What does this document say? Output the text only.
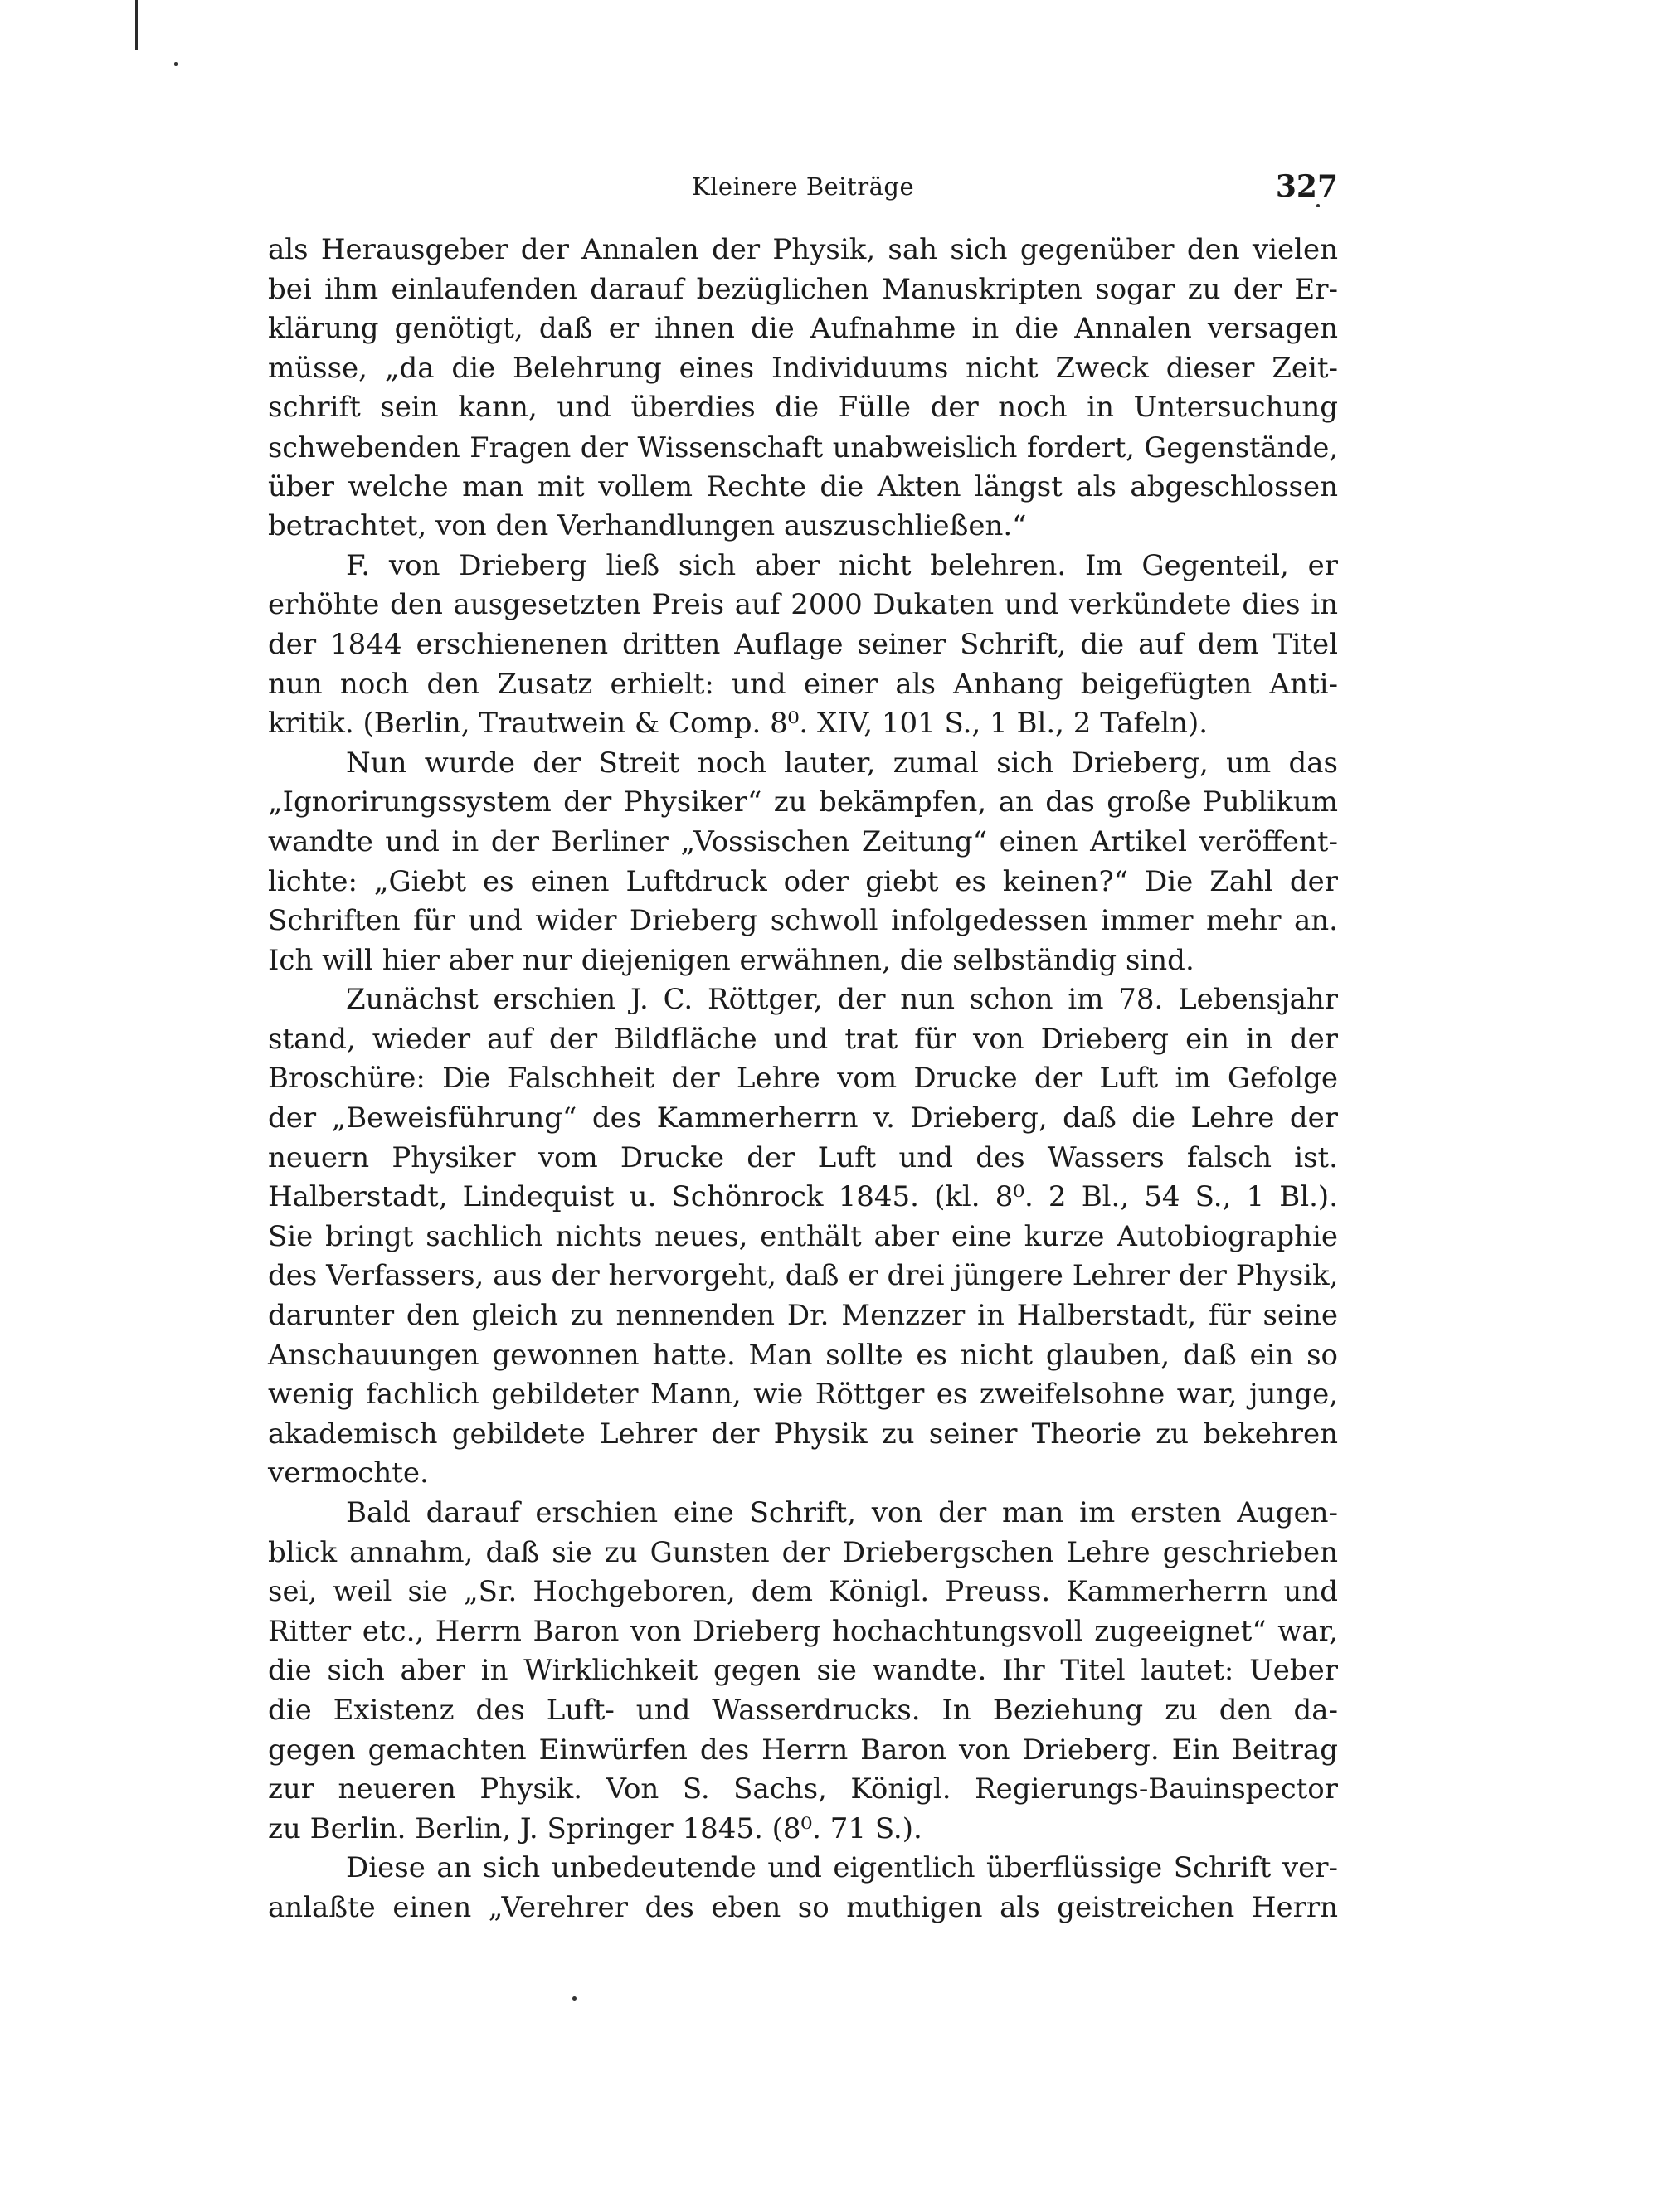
Kleinere Beiträge	327
als Herausgeber der Annalen der Physik, sah sich gegenüber den vielen
bei ihm einlaufenden darauf bezüglichen Manuskripten sogar zu der Er-
klärung genötigt, daß er ihnen die Aufnahme in die Annalen versagen
müsse, „da die Belehrung eines Individuums nicht Zweck dieser Zeit-
schrift sein kann, und überdies die Fülle der noch in Untersuchung
schwebenden Fragen der Wissenschaft unabweislich fordert, Gegenstände,
über welche man mit vollem Rechte die Akten längst als abgeschlossen
betrachtet, von den Verhandlungen auszuschließen.“
F. von Drieberg ließ sich aber nicht belehren. Im Gegenteil, er
erhöhte den ausgesetzten Preis auf 2000 Dukaten und verkündete dies in
der 1844 erschienenen dritten Auflage seiner Schrift, die auf dem Titel
nun noch den Zusatz erhielt: und einer als Anhang beigefügten Anti-
kritik. (Berlin, Trautwein & Comp. 8⁰. XIV, 101 S., 1 Bl., 2 Tafeln).
Nun wurde der Streit noch lauter, zumal sich Drieberg, um das
„Ignorirungssystem der Physiker“ zu bekämpfen, an das große Publikum
wandte und in der Berliner „Vossischen Zeitung“ einen Artikel veröffent-
lichte: „Giebt es einen Luftdruck oder giebt es keinen?“ Die Zahl der
Schriften für und wider Drieberg schwoll infolgedessen immer mehr an.
Ich will hier aber nur diejenigen erwähnen, die selbständig sind.
Zunächst erschien J. C. Röttger, der nun schon im 78. Lebensjahr
stand, wieder auf der Bildfläche und trat für von Drieberg ein in der
Broschüre: Die Falschheit der Lehre vom Drucke der Luft im Gefolge
der „Beweisführung“ des Kammerherrn v. Drieberg, daß die Lehre der
neuern Physiker vom Drucke der Luft und des Wassers falsch ist.
Halberstadt, Lindequist u. Schönrock 1845. (kl. 8⁰. 2 Bl., 54 S., 1 Bl.).
Sie bringt sachlich nichts neues, enthält aber eine kurze Autobiographie
des Verfassers, aus der hervorgeht, daß er drei jüngere Lehrer der Physik,
darunter den gleich zu nennenden Dr. Menzzer in Halberstadt, für seine
Anschauungen gewonnen hatte. Man sollte es nicht glauben, daß ein so
wenig fachlich gebildeter Mann, wie Röttger es zweifelsohne war, junge,
akademisch gebildete Lehrer der Physik zu seiner Theorie zu bekehren
vermochte.
Bald darauf erschien eine Schrift, von der man im ersten Augen-
blick annahm, daß sie zu Gunsten der Driebergschen Lehre geschrieben
sei, weil sie „Sr. Hochgeboren, dem Königl. Preuss. Kammerherrn und
Ritter etc., Herrn Baron von Drieberg hochachtungsvoll zugeeignet“ war,
die sich aber in Wirklichkeit gegen sie wandte. Ihr Titel lautet: Ueber
die Existenz des Luft- und Wasserdrucks. In Beziehung zu den da-
gegen gemachten Einwürfen des Herrn Baron von Drieberg. Ein Beitrag
zur neueren Physik. Von S. Sachs, Königl. Regierungs-Bauinspector
zu Berlin. Berlin, J. Springer 1845. (8⁰. 71 S.).
Diese an sich unbedeutende und eigentlich überflüssige Schrift ver-
anlaßte einen „Verehrer des eben so muthigen als geistreichen Herrn
